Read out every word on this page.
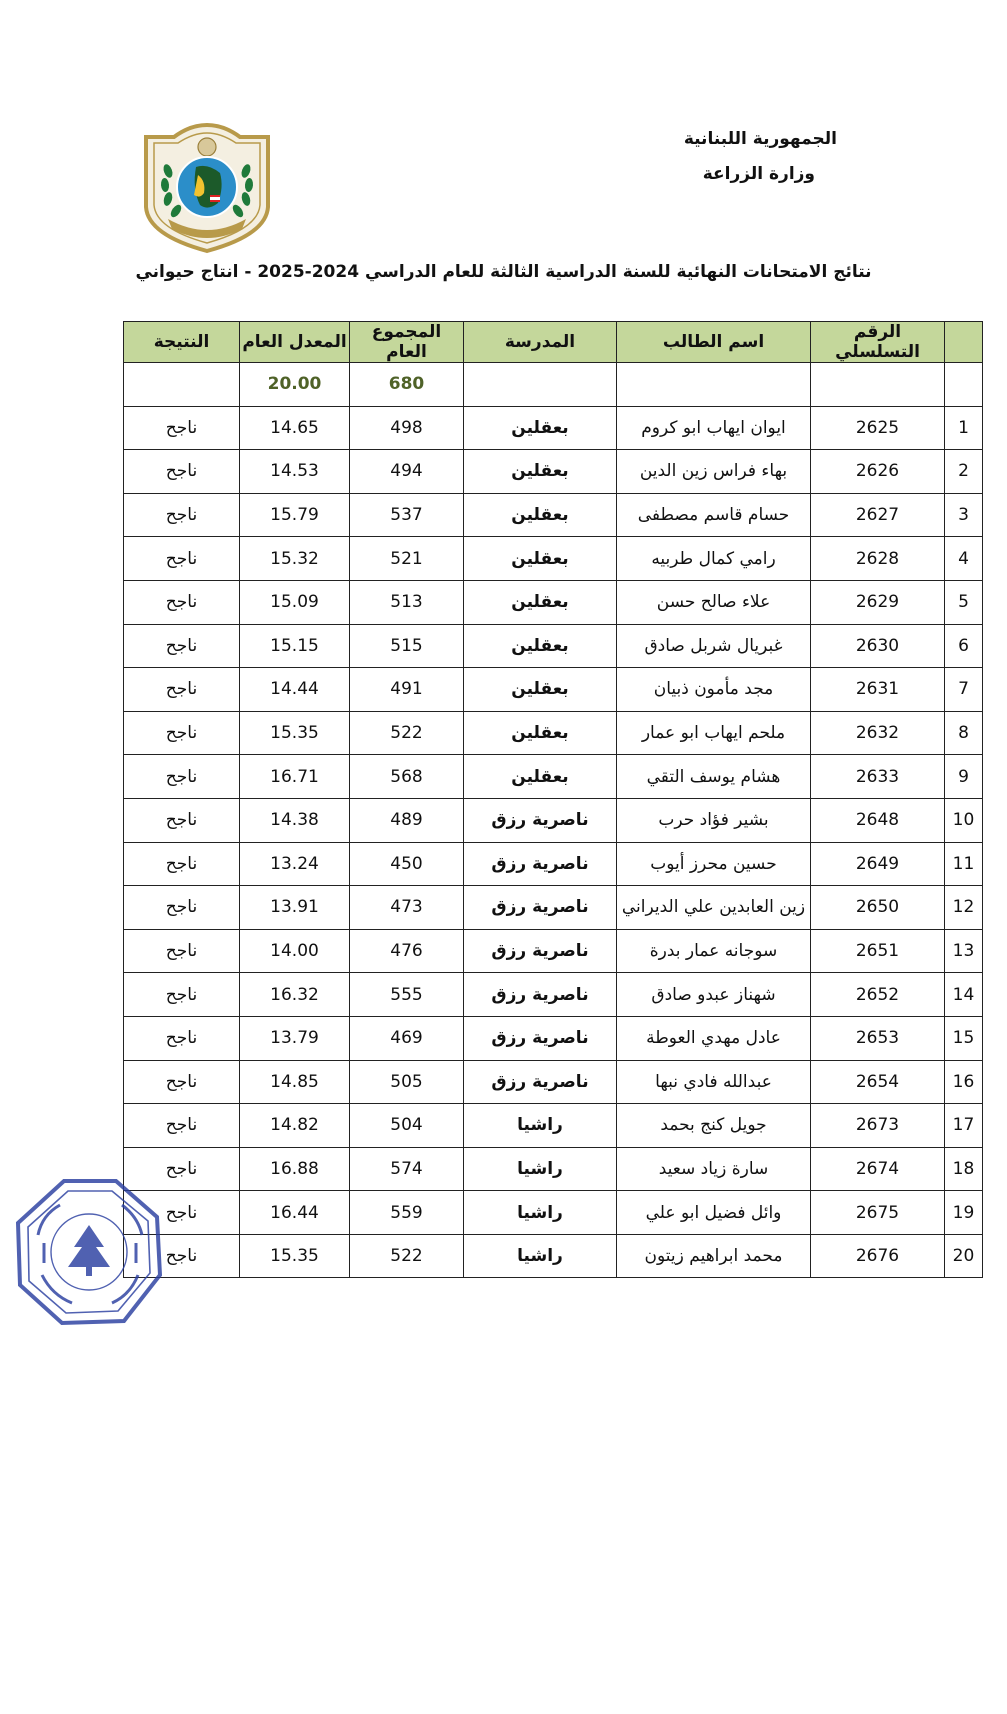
الجمهورية اللبنانية
وزارة الزراعة
نتائج الامتحانات النهائية للسنة الدراسية الثالثة للعام الدراسي 2024-2025 - انتاج حيواني
	الرقم التسلسلي	اسم الطالب	المدرسة	المجموع العام	المعدل العام	النتيجة
				680	20.00	
1	2625	ايوان ايهاب ابو كروم	بعقلين	498	14.65	ناجح
2	2626	بهاء فراس زين الدين	بعقلين	494	14.53	ناجح
3	2627	حسام قاسم مصطفى	بعقلين	537	15.79	ناجح
4	2628	رامي كمال طربيه	بعقلين	521	15.32	ناجح
5	2629	علاء صالح حسن	بعقلين	513	15.09	ناجح
6	2630	غبريال شربل صادق	بعقلين	515	15.15	ناجح
7	2631	مجد مأمون ذبيان	بعقلين	491	14.44	ناجح
8	2632	ملحم ايهاب ابو عمار	بعقلين	522	15.35	ناجح
9	2633	هشام يوسف التقي	بعقلين	568	16.71	ناجح
10	2648	بشير فؤاد حرب	ناصرية رزق	489	14.38	ناجح
11	2649	حسين محرز أيوب	ناصرية رزق	450	13.24	ناجح
12	2650	زين العابدين علي الديراني	ناصرية رزق	473	13.91	ناجح
13	2651	سوجانه عمار بدرة	ناصرية رزق	476	14.00	ناجح
14	2652	شهناز عبدو صادق	ناصرية رزق	555	16.32	ناجح
15	2653	عادل مهدي العوطة	ناصرية رزق	469	13.79	ناجح
16	2654	عبدالله فادي نبها	ناصرية رزق	505	14.85	ناجح
17	2673	جويل كنج بحمد	راشيا	504	14.82	ناجح
18	2674	سارة زياد سعيد	راشيا	574	16.88	ناجح
19	2675	وائل فضيل ابو علي	راشيا	559	16.44	ناجح
20	2676	محمد ابراهيم زيتون	راشيا	522	15.35	ناجح
